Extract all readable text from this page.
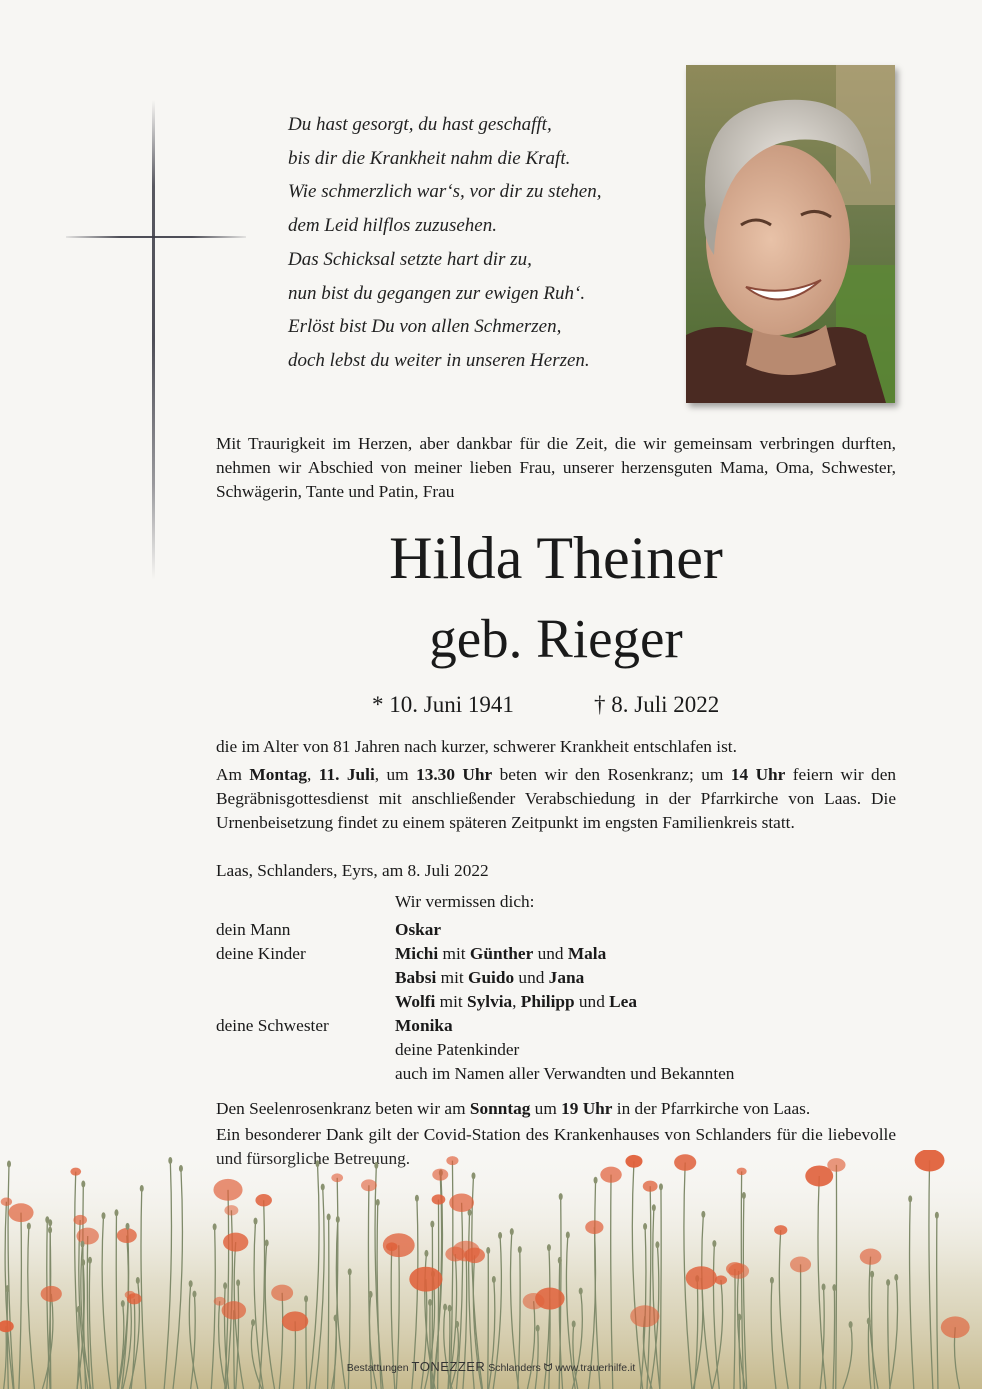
Du hast gesorgt, du hast geschafft,
bis dir die Krankheit nahm die Kraft.
Wie schmerzlich war‘s, vor dir zu stehen,
dem Leid hilflos zuzusehen.
Das Schicksal setzte hart dir zu,
nun bist du gegangen zur ewigen Ruh‘.
Erlöst bist Du von allen Schmerzen,
doch lebst du weiter in unseren Herzen.
Mit Traurigkeit im Herzen, aber dankbar für die Zeit, die wir gemeinsam verbringen durften, nehmen wir Abschied von meiner lieben Frau, unserer herzensguten Mama, Oma, Schwester, Schwägerin, Tante und Patin, Frau
Hilda Theiner
geb. Rieger
* 10. Juni 1941	† 8. Juli 2022
die im Alter von 81 Jahren nach kurzer, schwerer Krankheit entschlafen ist.
Am Montag, 11. Juli, um 13.30 Uhr beten wir den Rosenkranz; um 14 Uhr feiern wir den Begräbnisgottesdienst mit anschließender Verabschiedung in der Pfarrkirche von Laas. Die Urnenbeisetzung findet zu einem späteren Zeitpunkt im engsten Familienkreis statt.
Laas, Schlanders, Eyrs, am 8. Juli 2022
Wir vermissen dich:
dein Mann	Oskar
deine Kinder	Michi mit Günther und Mala
Babsi mit Guido und Jana
Wolfi mit Sylvia, Philipp und Lea
deine Schwester	Monika
deine Patenkinder
auch im Namen aller Verwandten und Bekannten
Den Seelenrosenkranz beten wir am Sonntag um 19 Uhr in der Pfarrkirche von Laas.
Ein besonderer Dank gilt der Covid-Station des Krankenhauses von Schlanders für die liebevolle
Bestattungen TONEZZER Schlanders ᗢ www.trauerhilfe.it
